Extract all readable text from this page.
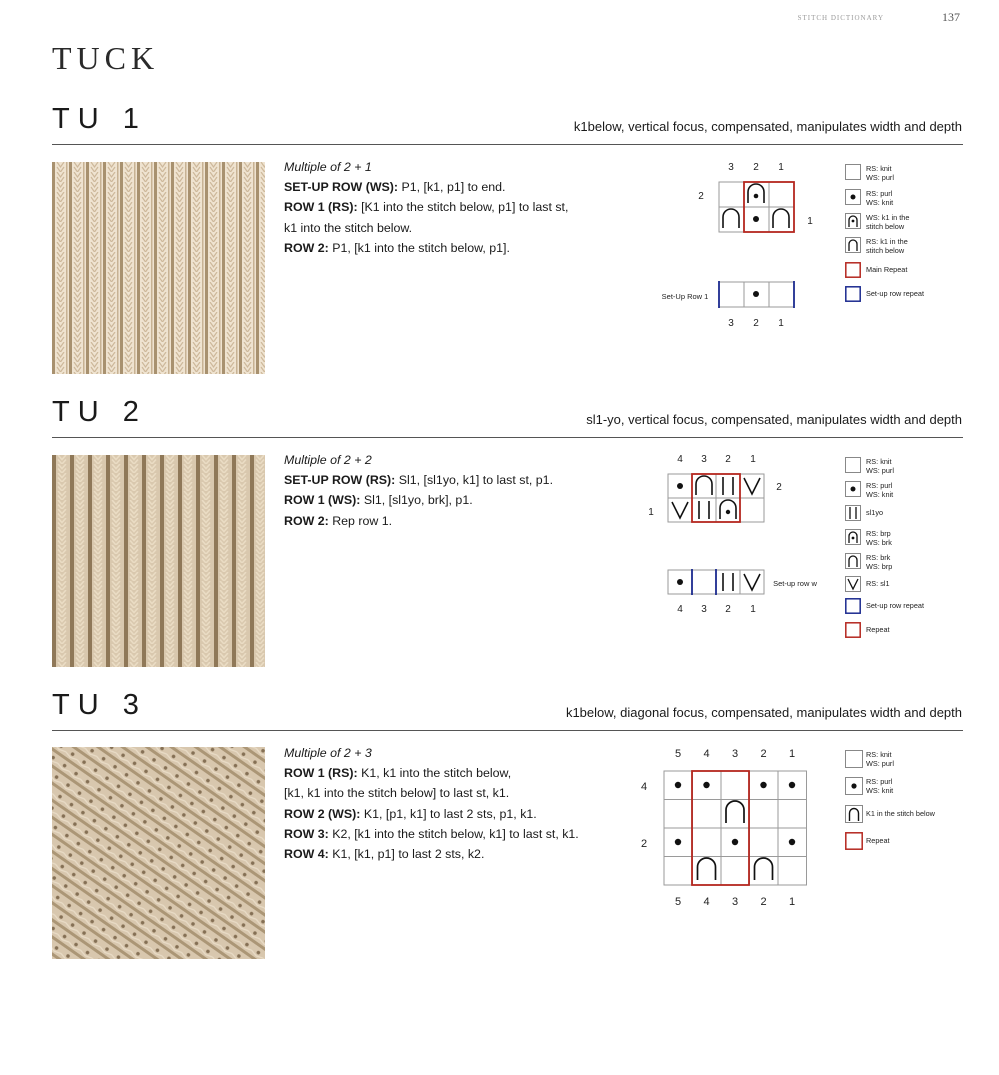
STITCH DICTIONARY	137
TUCK
TU 1	k1below, vertical focus, compensated, manipulates width and depth
Multiple of 2 + 1
SET-UP ROW (WS): P1, [k1, p1] to end.
ROW 1 (RS): [K1 into the stitch below, p1] to last st,
k1 into the stitch below.
ROW 2: P1, [k1 into the stitch below, p1].
3 2 1
2
1
3 2 1
Set-Up Row 1
RS: knit
WS: purl
RS: purl
WS: knit
WS: k1 in the
stitch below
RS: k1 in the
stitch below
Main Repeat
Set-up row repeat
TU 2	sl1-yo, vertical focus, compensated, manipulates width and depth
Multiple of 2 + 2
SET-UP ROW (RS): Sl1, [sl1yo, k1] to last st, p1.
ROW 1 (WS): Sl1, [sl1yo, brk], p1.
ROW 2: Rep row 1.
4 3 2 1
2
1
4 3 2 1
Set-up row w
RS: knit
WS: purl
RS: purl
WS: knit
sl1yo
RS: brp
WS: brk
RS: brk
WS: brp
RS: sl1
Set-up row repeat
Repeat
TU 3	k1below, diagonal focus, compensated, manipulates width and depth
Multiple of 2 + 3
ROW 1 (RS): K1, k1 into the stitch below,
[k1, k1 into the stitch below] to last st, k1.
ROW 2 (WS): K1, [p1, k1] to last 2 sts, p1, k1.
ROW 3: K2, [k1 into the stitch below, k1] to last st, k1.
ROW 4: K1, [k1, p1] to last 2 sts, k2.
5 4 3 2 1
4
2
5 4 3 2 1
RS: knit
WS: purl
RS: purl
WS: knit
K1 in the stitch below
Repeat
